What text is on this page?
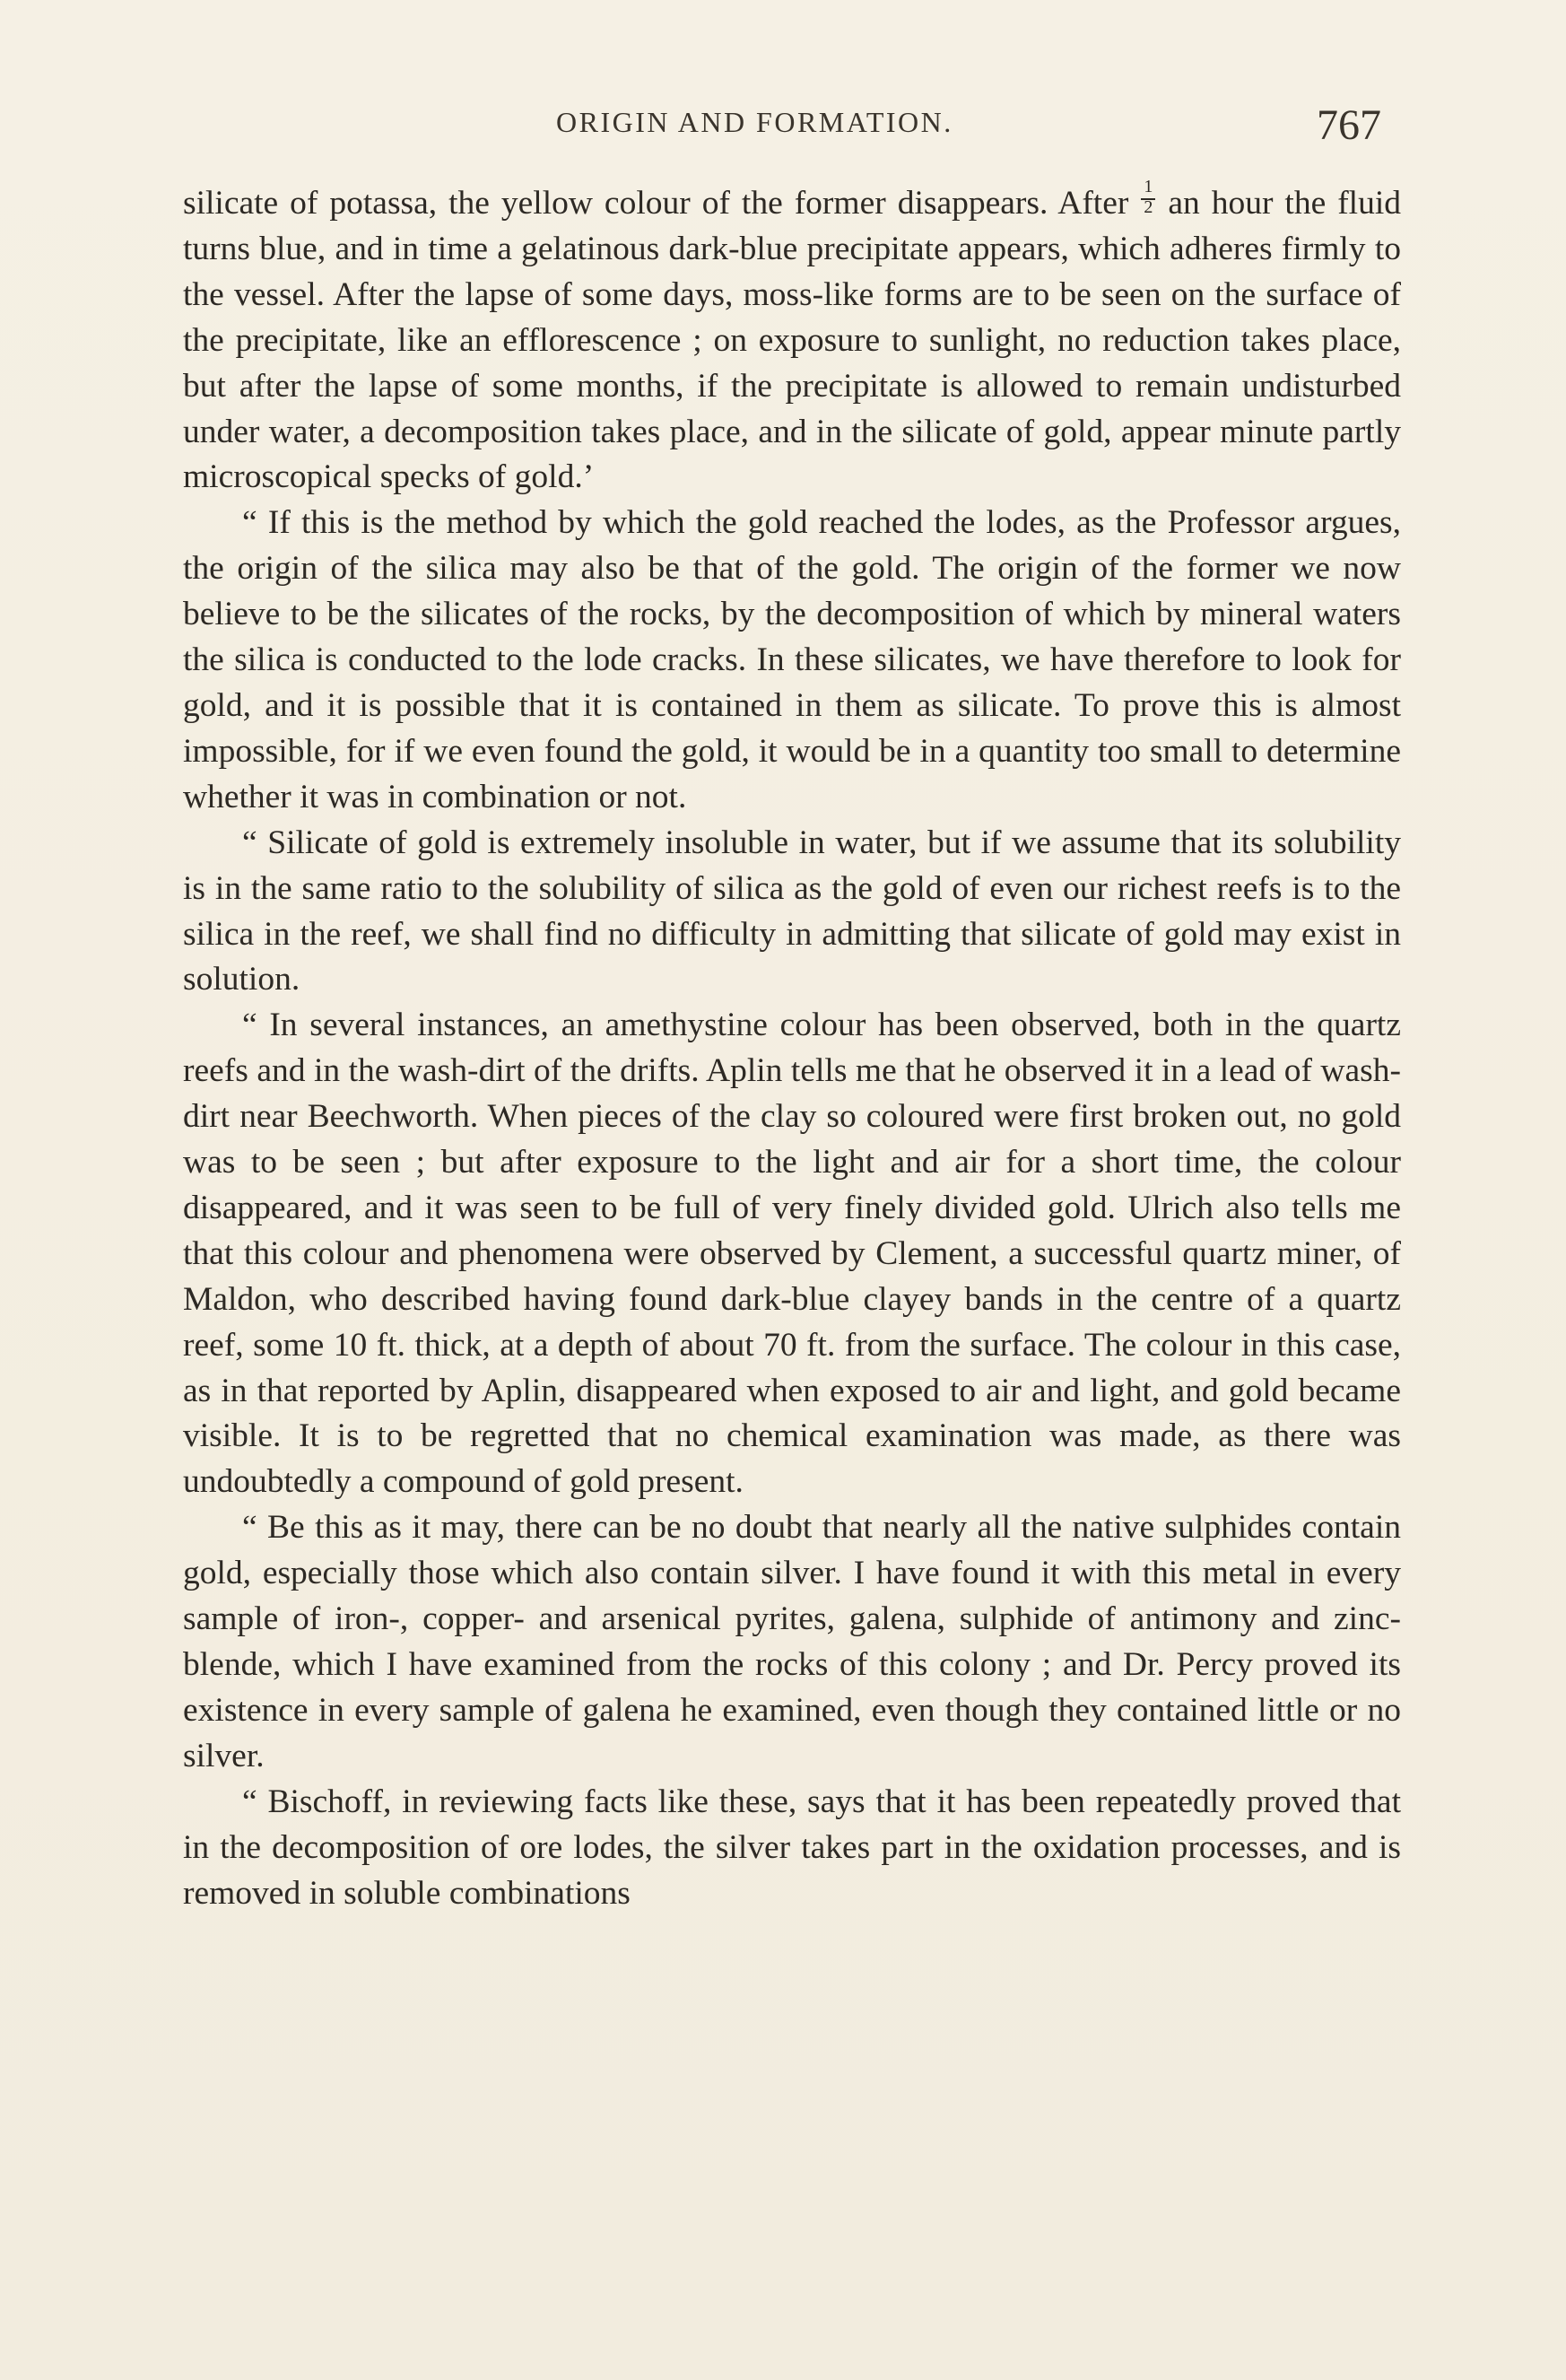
ORIGIN AND FORMATION.	767

silicate of potassa, the yellow colour of the former disappears. After $\frac{1}{2}$ an hour the fluid turns blue, and in time a gelatinous dark-blue precipitate appears, which adheres firmly to the vessel. After the lapse of some days, moss-like forms are to be seen on the surface of the precipitate, like an efflorescence ; on exposure to sunlight, no reduction takes place, but after the lapse of some months, if the precipitate is allowed to remain undisturbed under water, a decomposition takes place, and in the silicate of gold, appear minute partly microscopical specks of gold.’

“ If this is the method by which the gold reached the lodes, as the Professor argues, the origin of the silica may also be that of the gold. The origin of the former we now believe to be the silicates of the rocks, by the decomposition of which by mineral waters the silica is conducted to the lode cracks. In these silicates, we have therefore to look for gold, and it is possible that it is contained in them as silicate. To prove this is almost impossible, for if we even found the gold, it would be in a quantity too small to determine whether it was in combination or not.

“ Silicate of gold is extremely insoluble in water, but if we assume that its solubility is in the same ratio to the solubility of silica as the gold of even our richest reefs is to the silica in the reef, we shall find no difficulty in admitting that silicate of gold may exist in solution.

“ In several instances, an amethystine colour has been observed, both in the quartz reefs and in the wash-dirt of the drifts. Aplin tells me that he observed it in a lead of wash-dirt near Beechworth. When pieces of the clay so coloured were first broken out, no gold was to be seen ; but after exposure to the light and air for a short time, the colour disappeared, and it was seen to be full of very finely divided gold. Ulrich also tells me that this colour and phenomena were observed by Clement, a successful quartz miner, of Maldon, who described having found dark-blue clayey bands in the centre of a quartz reef, some 10 ft. thick, at a depth of about 70 ft. from the surface. The colour in this case, as in that reported by Aplin, disappeared when exposed to air and light, and gold became visible. It is to be regretted that no chemical examination was made, as there was undoubtedly a compound of gold present.

“ Be this as it may, there can be no doubt that nearly all the native sulphides contain gold, especially those which also contain silver. I have found it with this metal in every sample of iron-, copper- and arsenical pyrites, galena, sulphide of antimony and zinc-blende, which I have examined from the rocks of this colony ; and Dr. Percy proved its existence in every sample of galena he examined, even though they contained little or no silver.

“ Bischoff, in reviewing facts like these, says that it has been repeatedly proved that in the decomposition of ore lodes, the silver takes part in the oxidation processes, and is removed in soluble combinations
